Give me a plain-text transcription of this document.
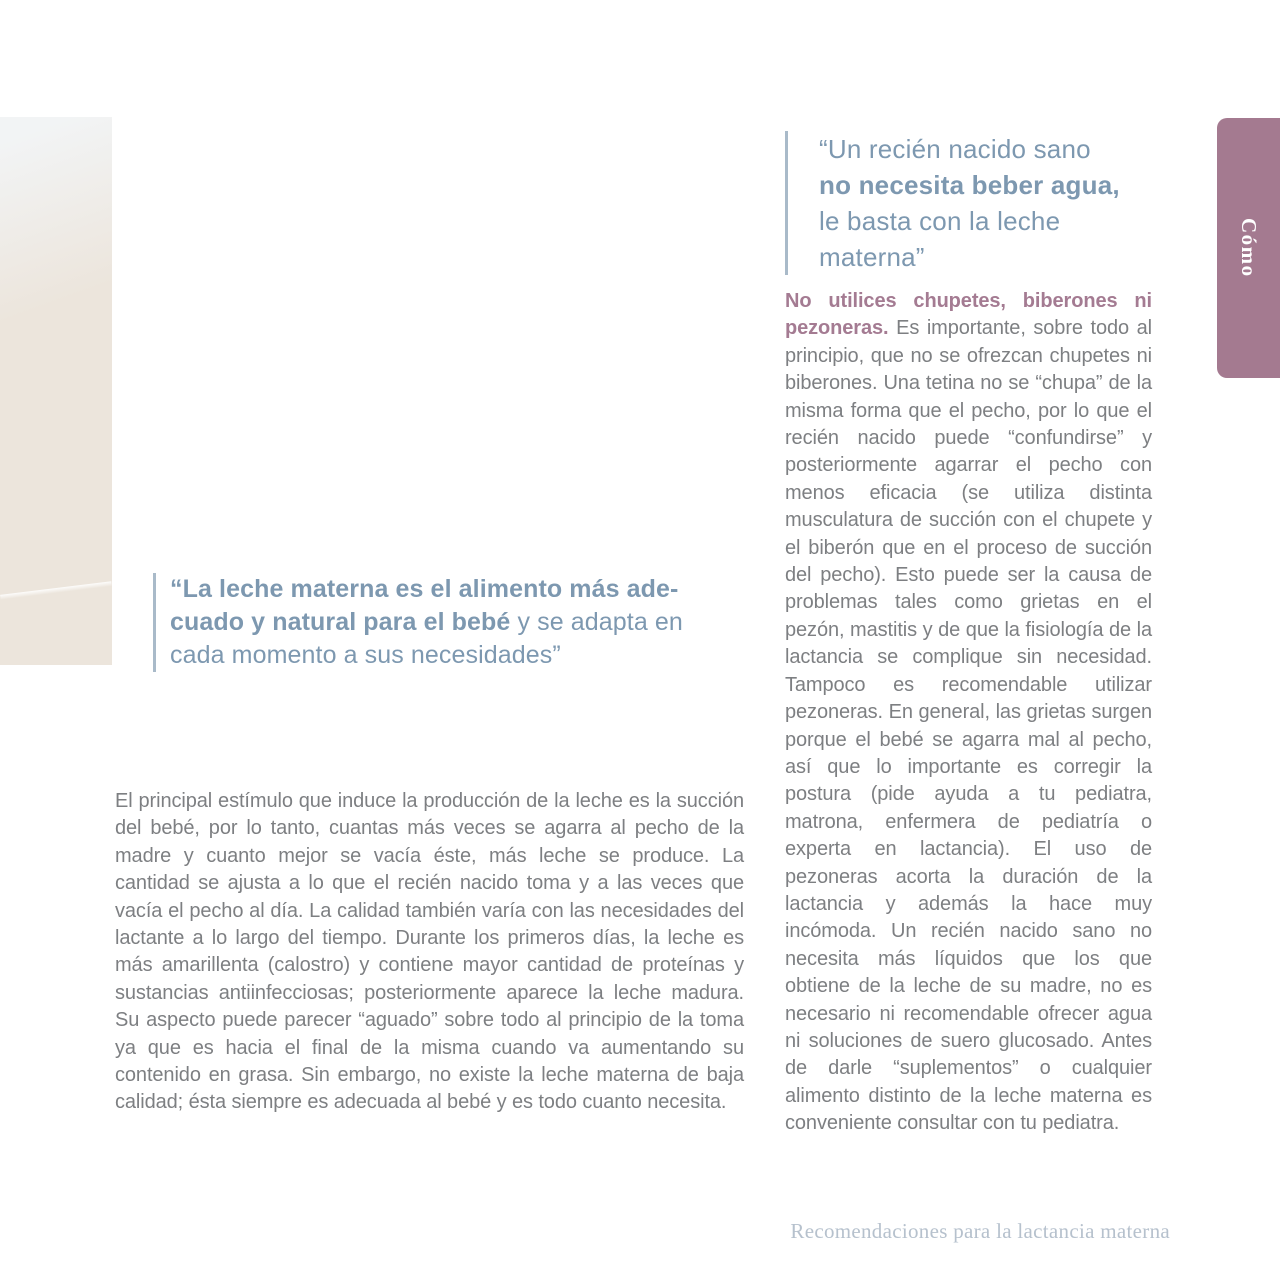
Cómo
“Un recién nacido sano
no necesita beber agua,
le basta con la leche
materna”
“La leche materna es el alimento más ade-
cuado y natural para el bebé y se adapta en
cada momento a sus necesidades”
El principal estímulo que induce la producción de la leche es la succión del bebé, por lo tanto, cuantas más veces se agarra al pecho de la madre y cuanto mejor se vacía éste, más leche se produce. La cantidad se ajusta a lo que el recién nacido toma y a las veces que vacía el pecho al día. La calidad también varía con las necesidades del lactante a lo largo del tiempo. Durante los primeros días, la leche es más amarillenta (calostro) y contiene mayor cantidad de proteínas y sustancias antiinfecciosas; posteriormente aparece la leche madura. Su aspecto puede parecer “aguado” sobre todo al principio de la toma ya que es hacia el final de la misma cuando va aumentando su contenido en grasa. Sin embargo, no existe la leche materna de baja calidad; ésta siempre es adecuada al bebé y es todo cuanto necesita.
No utilices chupetes, biberones ni pezoneras. Es importante, sobre todo al principio, que no se ofrezcan chupetes ni biberones. Una tetina no se “chupa” de la misma forma que el pecho, por lo que el recién nacido puede “confundirse” y posteriormente agarrar el pecho con menos eficacia (se utiliza distinta musculatura de succión con el chupete y el biberón que en el proceso de succión del pecho). Esto puede ser la causa de problemas tales como grietas en el pezón, mastitis y de que la fisiología de la lactancia se complique sin necesidad. Tampoco es recomendable utilizar pezoneras. En general, las grietas surgen porque el bebé se agarra mal al pecho, así que lo importante es corregir la postura (pide ayuda a tu pediatra, matrona, enfermera de pediatría o experta en lactancia). El uso de pezoneras acorta la duración de la lactancia y además la hace muy incómoda. Un recién nacido sano no necesita más líquidos que los que obtiene de la leche de su madre, no es necesario ni recomendable ofrecer agua ni soluciones de suero glucosado. Antes de darle “suplementos” o cualquier alimento distinto de la leche materna es conveniente consultar con tu pediatra.
Recomendaciones para la lactancia materna
